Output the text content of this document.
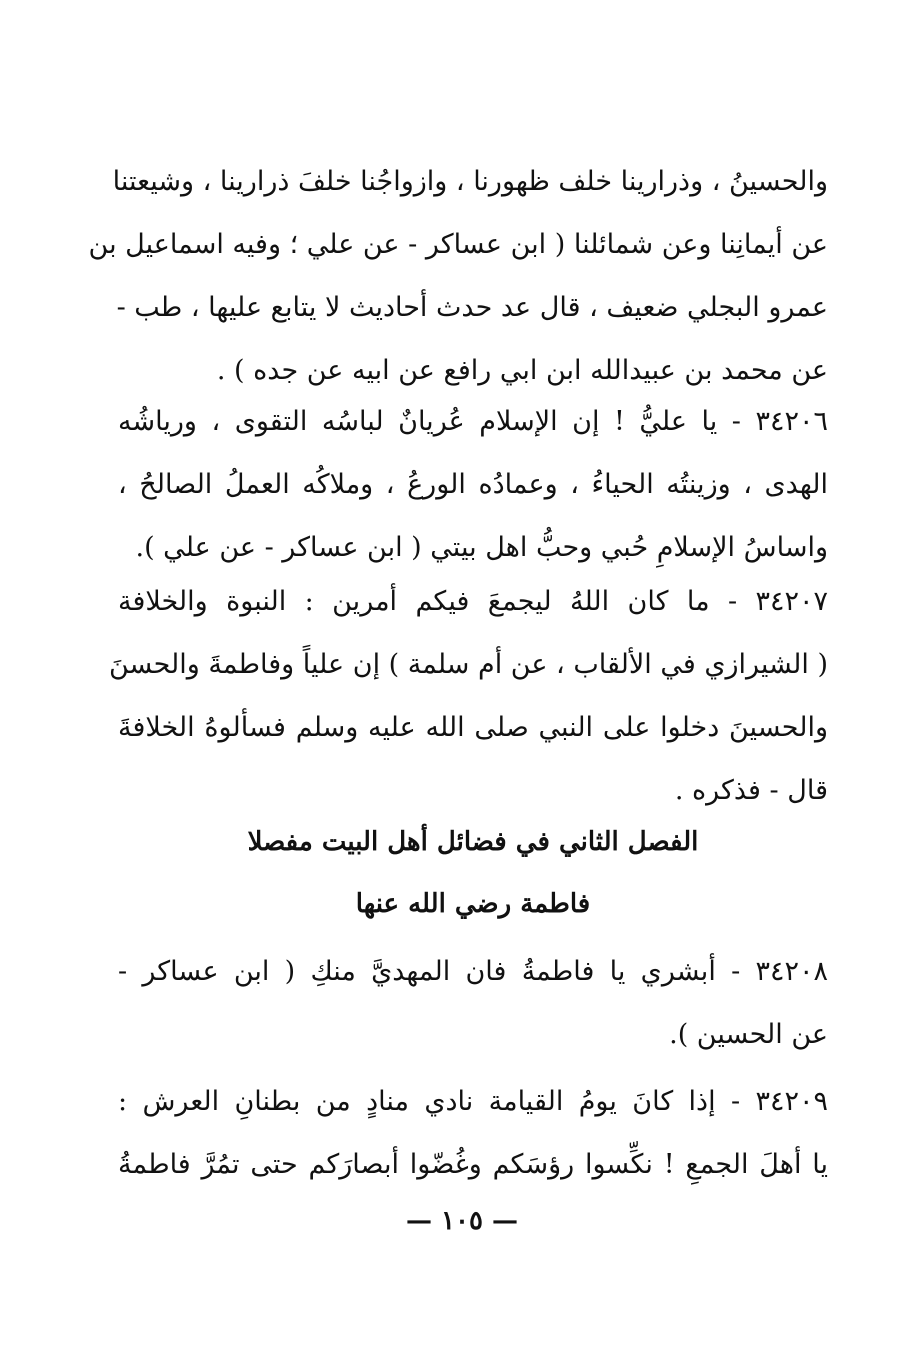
والحسينُ ، وذرارينا خلف ظهورنا ، وازواجُنا خلفَ ذرارينا ، وشيعتنا
عن أيمانِنا وعن شمائلنا ( ابن عساكر - عن علي ؛ وفيه اسماعيل بن
عمرو البجلي ضعيف ، قال عد حدث أحاديث لا يتابع عليها ، طب -
عن محمد بن عبيدالله ابن ابي رافع عن ابيه عن جده ) .
٣٤٢٠٦ - يا عليُّ ! إن الإسلام عُريانٌ لباسُه التقوى ، ورياشُه
الهدى ، وزينتُه الحياءُ ، وعمادُه الورعُ ، وملاكُه العملُ الصالحُ ،
واساسُ الإسلامِ حُبي وحبُّ اهل بيتي ( ابن عساكر - عن علي ).
٣٤٢٠٧ - ما كان اللهُ ليجمعَ فيكم أمرين : النبوة والخلافة
( الشيرازي في الألقاب ، عن أم سلمة ) إن علياً وفاطمةَ والحسنَ
والحسينَ دخلوا على النبي صلى الله عليه وسلم فسألوهُ الخلافةَ
قال - فذكره .
الفصل الثاني في فضائل أهل البيت مفصلا
فاطمة رضي الله عنها
٣٤٢٠٨ - أبشري يا فاطمةُ فان المهديَّ منكِ ( ابن عساكر -
عن الحسين ).
٣٤٢٠٩ - إذا كانَ يومُ القيامة نادي منادٍ من بطنانِ العرش :
يا أهلَ الجمعِ ! نكِّسوا رؤسَكم وغُضّوا أبصارَكم حتى تمُرَّ فاطمةُ
— ١٠٥ —
